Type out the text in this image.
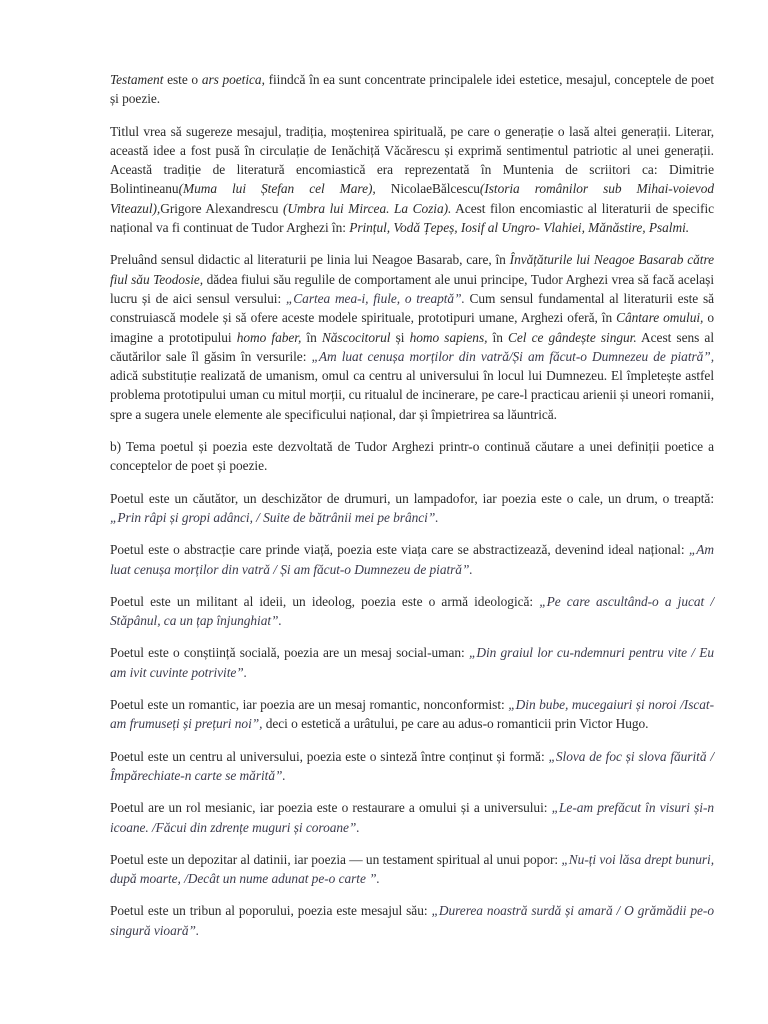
Testament este o ars poetica, fiindcă în ea sunt concentrate principalele idei estetice, mesajul, conceptele de poet și poezie.

Titlul vrea să sugereze mesajul, tradiția, moștenirea spirituală, pe care o generație o lasă altei generații. Literar, această idee a fost pusă în circulație de Ienăchiță Văcărescu și exprimă sentimentul patriotic al unei generații. Această tradiție de literatură encomiastică era reprezentată în Muntenia de scriitori ca: Dimitrie Bolintineanu(Muma lui Ștefan cel Mare), NicolaeBălcescu(Istoria românilor sub Mihai-voievod Viteazul),Grigore Alexandrescu (Umbra lui Mircea. La Cozia). Acest filon encomiastic al literaturii de specific național va fi continuat de Tudor Arghezi în: Prințul, Vodă Țepeș, Iosif al Ungro- Vlahiei, Mănăstire, Psalmi.

Preluând sensul didactic al literaturii pe linia lui Neagoe Basarab, care, în Învățăturile lui Neagoe Basarab către fiul său Teodosie, dădea fiului său regulile de comportament ale unui principe, Tudor Arghezi vrea să facă același lucru și de aici sensul versului: „Cartea mea-i, fiule, o treaptă”. Cum sensul fundamental al literaturii este să construiască modele și să ofere aceste modele spirituale, prototipuri umane, Arghezi oferă, în Cântare omului, o imagine a prototipului homo faber, în Născocitorul și homo sapiens, în Cel ce gândește singur. Acest sens al căutărilor sale îl găsim în versurile: „Am luat cenușa morților din vatră/Și am făcut-o Dumnezeu de piatră”, adică substituție realizată de umanism, omul ca centru al universului în locul lui Dumnezeu. El împletește astfel problema prototipului uman cu mitul morții, cu ritualul de incinerare, pe care-l practicau arienii și uneori romanii, spre a sugera unele elemente ale specificului național, dar și împietrirea sa lăuntrică.

b) Tema poetul și poezia este dezvoltată de Tudor Arghezi printr-o continuă căutare a unei definiții poetice a conceptelor de poet și poezie.

Poetul este un căutător, un deschizător de drumuri, un lampadofor, iar poezia este o cale, un drum, o treaptă: „Prin râpi și gropi adânci, / Suite de bătrânii mei pe brânci”.

Poetul este o abstracție care prinde viață, poezia este viața care se abstractizează, devenind ideal național: „Am luat cenușa morților din vatră / Și am făcut-o Dumnezeu de piatră”.

Poetul este un militant al ideii, un ideolog, poezia este o armă ideologică: „Pe care ascultând-o a jucat / Stăpânul, ca un țap înjunghiat”.

Poetul este o conștiință socială, poezia are un mesaj social-uman: „Din graiul lor cu-ndemnuri pentru vite / Eu am ivit cuvinte potrivite”.

Poetul este un romantic, iar poezia are un mesaj romantic, nonconformist: „Din bube, mucegaiuri și noroi /Iscat-am frumuseți și prețuri noi”, deci o estetică a urâtului, pe care au adus-o romanticii prin Victor Hugo.

Poetul este un centru al universului, poezia este o sinteză între conținut și formă: „Slova de foc și slova făurită / Împărechiate-n carte se mărită”.

Poetul are un rol mesianic, iar poezia este o restaurare a omului și a universului: „Le-am prefăcut în visuri și-n icoane. /Făcui din zdrențe muguri și coroane”.

Poetul este un depozitar al datinii, iar poezia — un testament spiritual al unui popor: „Nu-ți voi lăsa drept bunuri, după moarte, /Decât un nume adunat pe-o carte ”.

Poetul este un tribun al poporului, poezia este mesajul său: „Durerea noastră surdă și amară / O grămădii pe-o singură vioară”.
